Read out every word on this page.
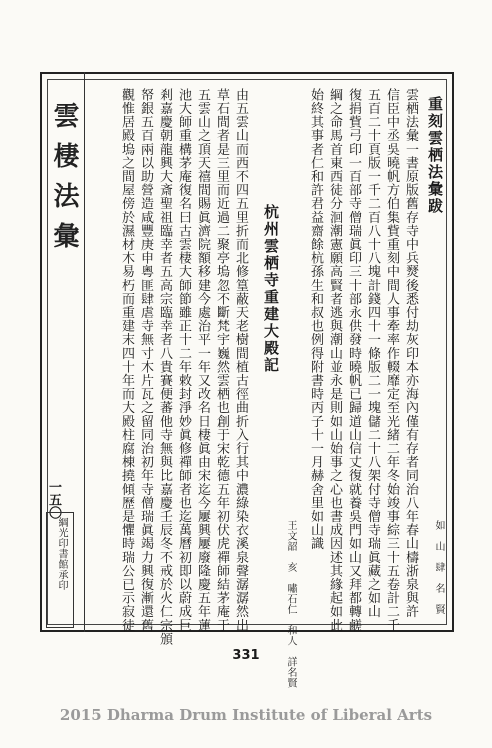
雲棲法彙
一五〇
綱光印書館承印
重刻雲栖法彙跋
如　山　肆　名　賢
雲栖法彙一書原版舊存寺中兵燹後悉付劫灰印本亦海內僅有存者同治八年春山檮浙泉與許
信臣中丞吳曉帆方伯集貲重刻中間人事牽率作輟靡定至光緒二年冬始竣事綜三十五卷計二千
五百二十頁版一千二百八十八塊計錢四十一條版二一塊儲二十八架付寺僧寺瑞眞藏之如山
復捐貲弓印一百部寺僧瑞眞印三十部永供發時曉帆已歸道山信丈復就養吳門如山又拜都轉鹺
綱之命馬首東西徒分洄潮憲願高賢者逃與潮山並永是則如山始事之心也書成因述其緣起如此
始終其事者仁和許君益齋餘杭孫生和叔也例得附書時丙子十一月赫舍里如山識
王文韶　亥　嘯石仁　和人　詳名賢
杭州雲栖寺重建大殿記
由五雲山而西不四五里折而北修篁蔽天老樹間植古徑曲折入行其中濃綠染衣溪泉聲潺潺然出
草石間者是三里而近過二聚亭塢忽不斷梵宇巍然雲栖也創于宋乾德五年初伏虎禪師結茅庵于
五雲山之頂天禧間賜眞濟院額移建今處治平一年又改名日棲眞由宋迄今屢興屢廢隆慶五年蓮
池大師重構茅庵復名曰古雲棲大師節雖正十二年敕封淨妙眞修禪師者也迄萬曆初即以蔚成巨
剎嘉慶朝龍興大斎聖祖臨幸者五高宗臨幸者八貴賽便蕃他寺無與比嘉慶壬辰冬不戒於火仁宗頒
帑銀五百兩以助營造咸豐庚申粵匪肆虐寺無寸木片瓦之留同治初年寺僧瑞眞竭力興復漸還舊
觀惟居殿塢之間屋傍於濕材木易朽而重建末四十年而大殿柱腐棟撓傾歷是懼時瑞公已示寂徒
331
2015 Dharma Drum Institute of Liberal Arts
